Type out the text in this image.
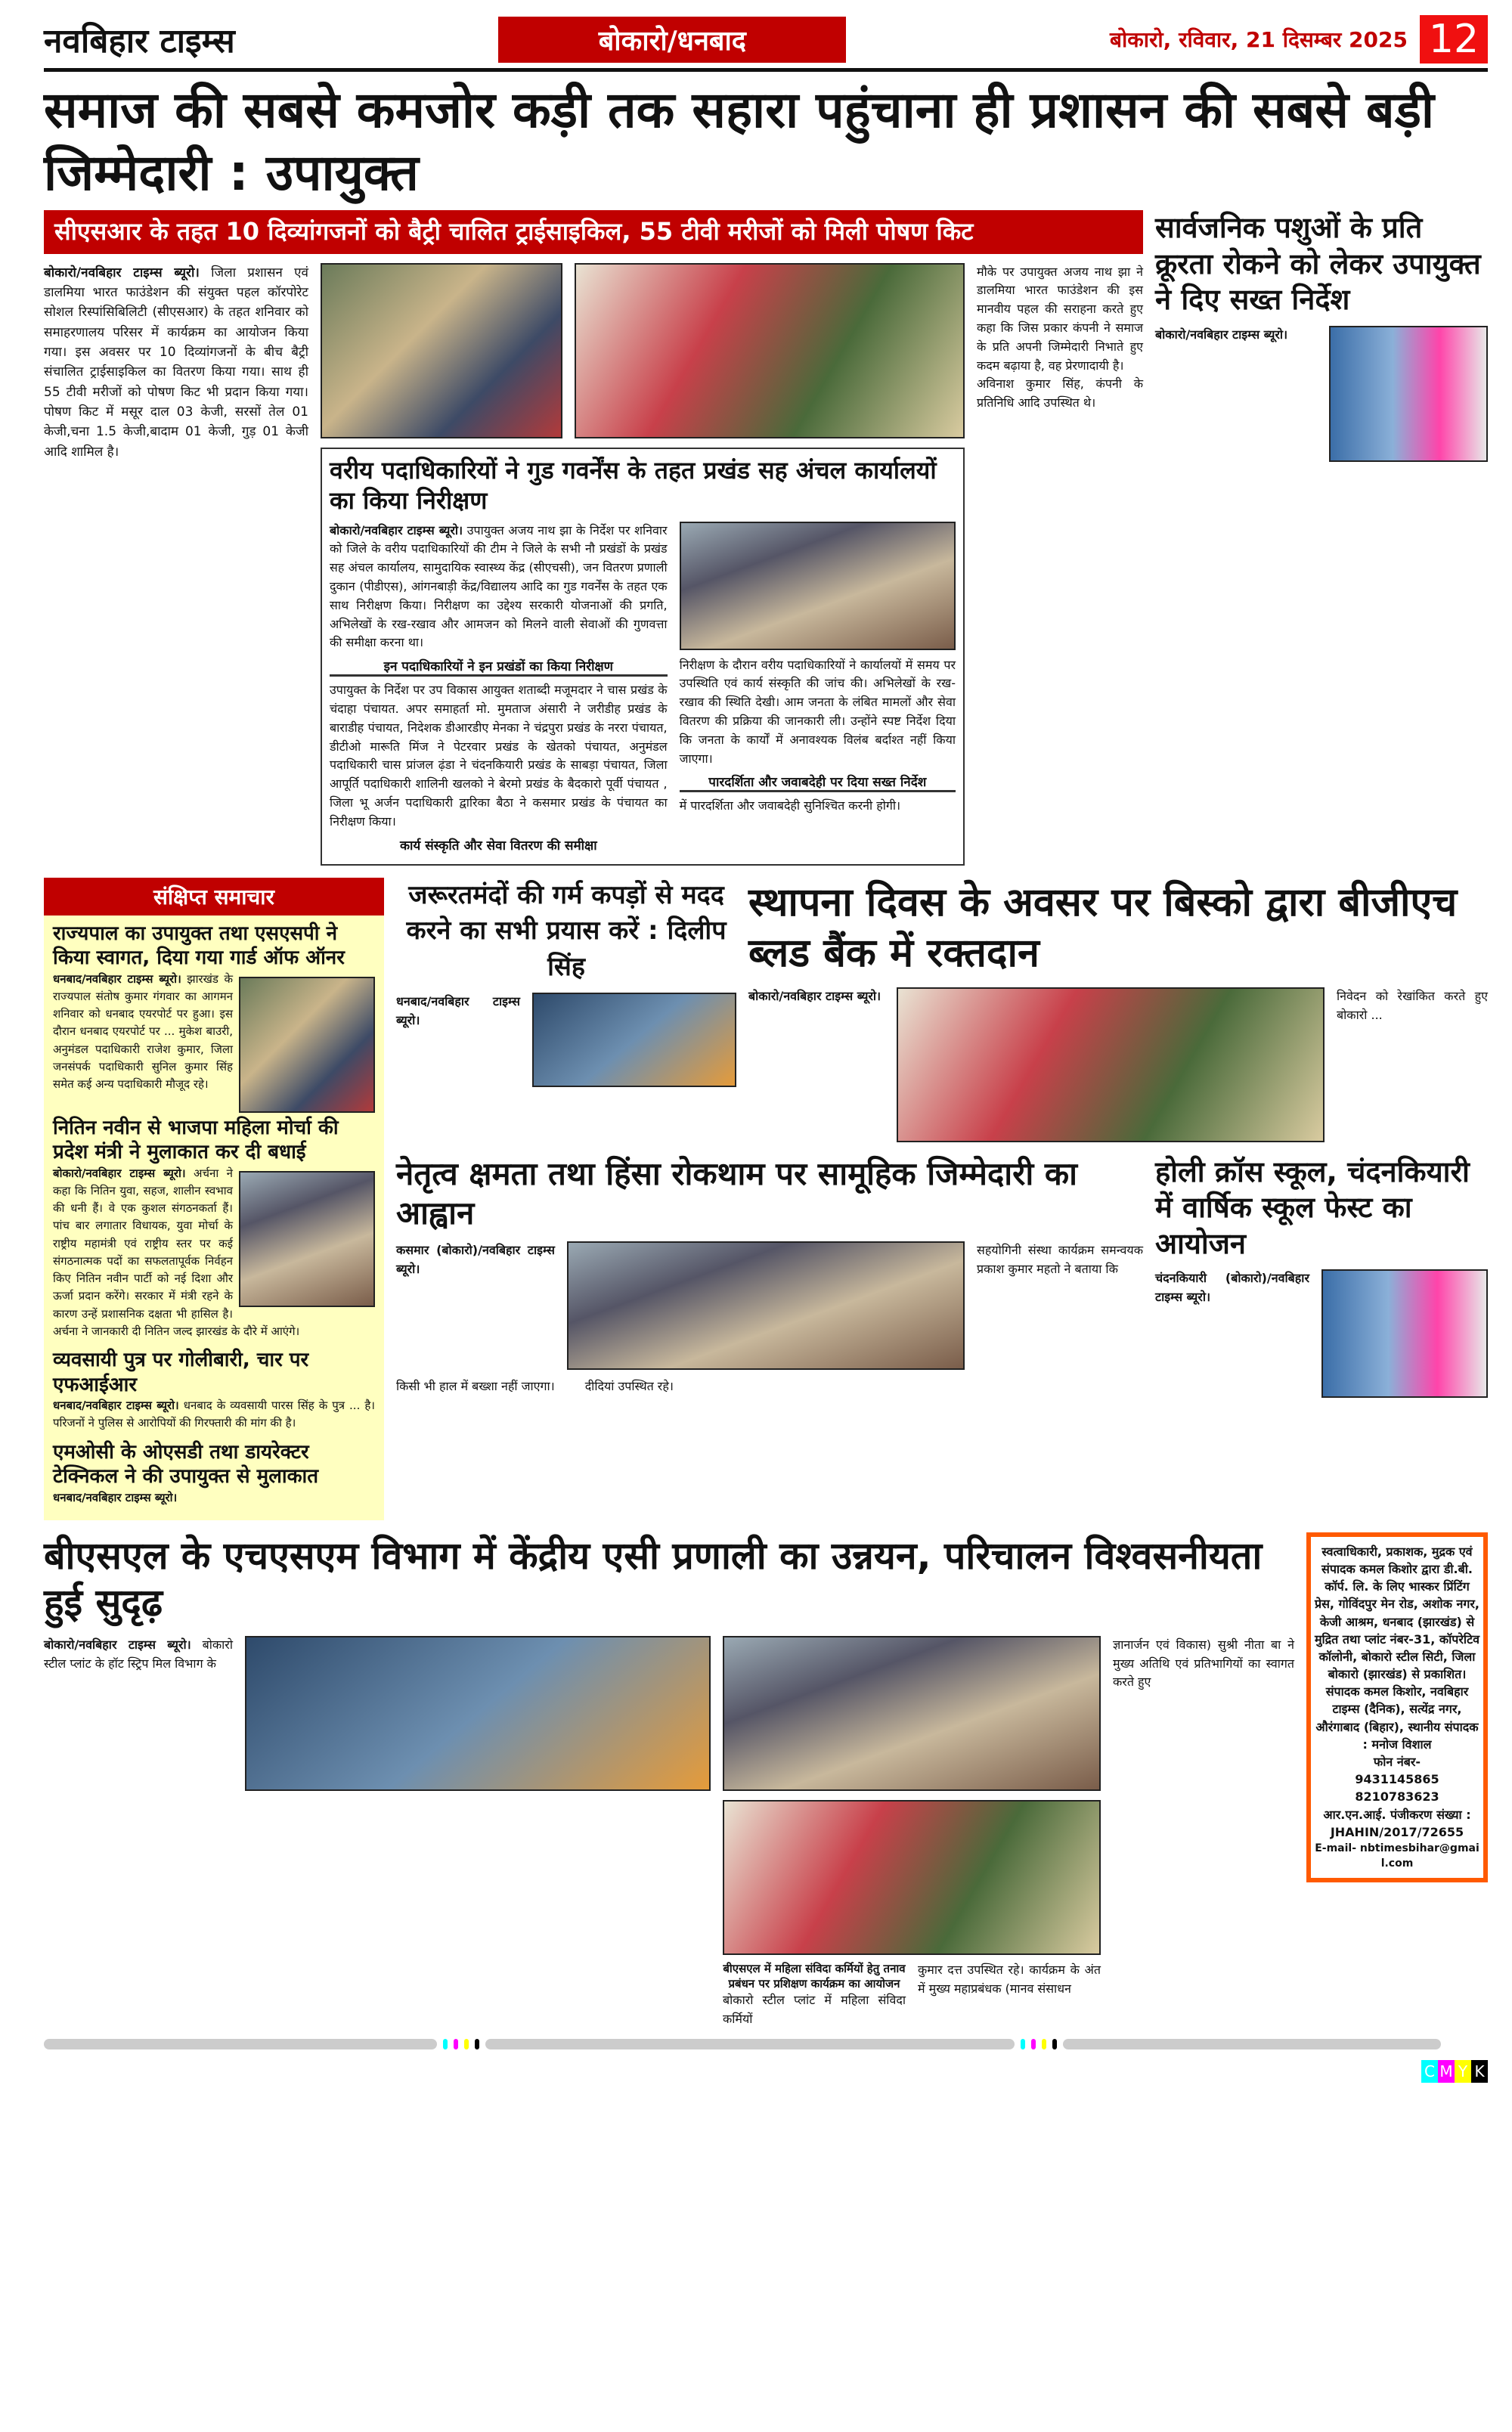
नवबिहार टाइम्स	बोकारो/धनबाद	बोकारो, रविवार, 21 दिसम्बर 2025 12
समाज की सबसे कमजोर कड़ी तक सहारा पहुंचाना ही प्रशासन की सबसे बड़ी जिम्मेदारी : उपायुक्त
सीएसआर के तहत 10 दिव्यांगजनों को बैट्री चालित ट्राईसाइकिल, 55 टीवी मरीजों को मिली पोषण किट
बोकारो/नवबिहार टाइम्स ब्यूरो। जिला प्रशासन एवं डालमिया भारत फाउंडेशन की संयुक्त पहल कॉरपोरेट सोशल रिस्पांसिबिलिटी (सीएसआर) के तहत शनिवार को समाहरणालय परिसर में कार्यक्रम का आयोजन किया गया। इस अवसर पर 10 दिव्यांगजनों के बीच बैट्री संचालित ट्राईसाइकिल का वितरण किया गया। साथ ही 55 टीवी मरीजों को पोषण किट भी प्रदान किया गया। पोषण किट में मसूर दाल 03 केजी, सरसों तेल 01 केजी,चना 1.5 केजी,बादाम 01 केजी, गुड़ 01 केजी आदि शामिल है।
वरीय पदाधिकारियों ने गुड गवर्नेंस के तहत प्रखंड सह अंचल कार्यालयों का किया निरीक्षण
बोकारो/नवबिहार टाइम्स ब्यूरो। उपायुक्त अजय नाथ झा के निर्देश पर शनिवार को जिले के वरीय पदाधिकारियों की टीम ने जिले के सभी नौ प्रखंडों के प्रखंड सह अंचल कार्यालय, सामुदायिक स्वास्थ्य केंद्र (सीएचसी), जन वितरण प्रणाली दुकान (पीडीएस), आंगनबाड़ी केंद्र/विद्यालय आदि का गुड गवर्नेंस के तहत एक साथ निरीक्षण किया। निरीक्षण का उद्देश्य सरकारी योजनाओं की प्रगति, अभिलेखों के रख-रखाव और आमजन को मिलने वाली सेवाओं की गुणवत्ता की समीक्षा करना था।
इन पदाधिकारियों ने इन प्रखंडों का किया निरीक्षण
उपायुक्त के निर्देश पर उप विकास आयुक्त शताब्दी मजूमदार ने चास प्रखंड के चंदाहा पंचायत. अपर समाहर्ता मो. मुमताज अंसारी ने जरीडीह प्रखंड के बाराडीह पंचायत, निदेशक डीआरडीए मेनका ने चंद्रपुरा प्रखंड के नररा पंचायत, डीटीओ मारूति मिंज ने पेटरवार प्रखंड के खेतको पंचायत, अनुमंडल पदाधिकारी चास प्रांजल ढ़ंडा ने चंदनकियारी प्रखंड के साबड़ा पंचायत, जिला आपूर्ति पदाधिकारी शालिनी खलको ने बेरमो प्रखंड के बैदकारो पूर्वी पंचायत , जिला भू अर्जन पदाधिकारी द्वारिका बैठा ने कसमार प्रखंड के पंचायत का निरीक्षण किया।
कार्य संस्कृति और सेवा वितरण की समीक्षा
निरीक्षण के दौरान वरीय पदाधिकारियों ने कार्यालयों में समय पर उपस्थिति एवं कार्य संस्कृति की जांच की। अभिलेखों के रख-रखाव की स्थिति देखी। आम जनता के लंबित मामलों और सेवा वितरण की प्रक्रिया की जानकारी ली। उन्होंने स्पष्ट निर्देश दिया कि जनता के कार्यों में अनावश्यक विलंब बर्दाश्त नहीं किया जाएगा।
पारदर्शिता और जवाबदेही पर दिया सख्त निर्देश
में पारदर्शिता और जवाबदेही सुनिश्चित करनी होगी।
मौके पर उपायुक्त अजय नाथ झा ने डालमिया भारत फाउंडेशन की इस मानवीय पहल की सराहना करते हुए कहा कि जिस प्रकार कंपनी ने समाज के प्रति अपनी जिम्मेदारी निभाते हुए कदम बढ़ाया है, वह प्रेरणादायी है।
अविनाश कुमार सिंह, कंपनी के प्रतिनिधि आदि उपस्थित थे।
सार्वजनिक पशुओं के प्रति क्रूरता रोकने को लेकर उपायुक्त ने दिए सख्त निर्देश
बोकारो/नवबिहार टाइम्स ब्यूरो।
संक्षिप्त समाचार
राज्यपाल का उपायुक्त तथा एसएसपी ने किया स्वागत, दिया गया गार्ड ऑफ ऑनर
धनबाद/नवबिहार टाइम्स ब्यूरो। झारखंड के राज्यपाल संतोष कुमार गंगवार का आगमन शनिवार को धनबाद एयरपोर्ट पर हुआ। इस दौरान धनबाद एयरपोर्ट पर ... मुकेश बाउरी, अनुमंडल पदाधिकारी राजेश कुमार, जिला जनसंपर्क पदाधिकारी सुनिल कुमार सिंह समेत कई अन्य पदाधिकारी मौजूद रहे।
नितिन नवीन से भाजपा महिला मोर्चा की प्रदेश मंत्री ने मुलाकात कर दी बधाई
बोकारो/नवबिहार टाइम्स ब्यूरो। अर्चना ने कहा कि नितिन युवा, सहज, शालीन स्वभाव की धनी हैं। वे एक कुशल संगठनकर्ता हैं। पांच बार लगातार विधायक, युवा मोर्चा के राष्ट्रीय महामंत्री एवं राष्ट्रीय स्तर पर कई संगठनात्मक पदों का सफलतापूर्वक निर्वहन किए नितिन नवीन पार्टी को नई दिशा और ऊर्जा प्रदान करेंगे। सरकार में मंत्री रहने के कारण उन्हें प्रशासनिक दक्षता भी हासिल है। अर्चना ने जानकारी दी नितिन जल्द झारखंड के दौरे में आएंगे।
व्यवसायी पुत्र पर गोलीबारी, चार पर एफआईआर
धनबाद/नवबिहार टाइम्स ब्यूरो। धनबाद के व्यवसायी पारस सिंह के पुत्र ... है। परिजनों ने पुलिस से आरोपियों की गिरफ्तारी की मांग की है।
एमओसी के ओएसडी तथा डायरेक्टर टेक्निकल ने की उपायुक्त से मुलाकात
धनबाद/नवबिहार टाइम्स ब्यूरो।
जरूरतमंदों की गर्म कपड़ों से मदद करने का सभी प्रयास करें : दिलीप सिंह
धनबाद/नवबिहार टाइम्स ब्यूरो।
स्थापना दिवस के अवसर पर बिस्को द्वारा बीजीएच ब्लड बैंक में रक्तदान
बोकारो/नवबिहार टाइम्स ब्यूरो।	निवेदन को रेखांकित करते हुए बोकारो ...
नेतृत्व क्षमता तथा हिंसा रोकथाम पर सामूहिक जिम्मेदारी का आह्वान
कसमार (बोकारो)/नवबिहार टाइम्स ब्यूरो।
सहयोगिनी संस्था कार्यक्रम समन्वयक प्रकाश कुमार महतो ने बताया कि
किसी भी हाल में बख्शा नहीं जाएगा।	दीदियां उपस्थित रहे।
होली क्रॉस स्कूल, चंदनकियारी में वार्षिक स्कूल फेस्ट का आयोजन
चंदनकियारी (बोकारो)/नवबिहार टाइम्स ब्यूरो।
बीएसएल के एचएसएम विभाग में केंद्रीय एसी प्रणाली का उन्नयन, परिचालन विश्वसनीयता हुई सुदृढ़
बोकारो/नवबिहार टाइम्स ब्यूरो। बोकारो स्टील प्लांट के हॉट स्ट्रिप मिल विभाग के
बीएसएल में महिला संविदा कर्मियों हेतु तनाव प्रबंधन पर प्रशिक्षण कार्यक्रम का आयोजन
बोकारो स्टील प्लांट में महिला संविदा कर्मियों
कुमार दत्त उपस्थित रहे। कार्यक्रम के अंत में मुख्य महाप्रबंधक (मानव संसाधन
ज्ञानार्जन एवं विकास) सुश्री नीता बा ने मुख्य अतिथि एवं प्रतिभागियों का स्वागत करते हुए
स्वत्वाधिकारी, प्रकाशक, मुद्रक एवं संपादक कमल किशोर द्वारा डी.बी. कॉर्प. लि. के लिए भास्कर प्रिंटिंग प्रेस, गोविंदपुर मेन रोड, अशोक नगर, केजी आश्रम, धनबाद (झारखंड) से मुद्रित तथा प्लांट नंबर-31, कॉपरेटिव कॉलोनी, बोकारो स्टील सिटी, जिला बोकारो (झारखंड) से प्रकाशित। संपादक कमल किशोर, नवबिहार टाइम्स (दैनिक), सत्येंद्र नगर, औरंगाबाद (बिहार), स्थानीय संपादक : मनोज विशाल
फोन नंबर-
9431145865
8210783623
आर.एन.आई. पंजीकरण संख्या : JHAHIN/2017/72655
E-mail- nbtimesbihar@gmail.com
C M Y K
